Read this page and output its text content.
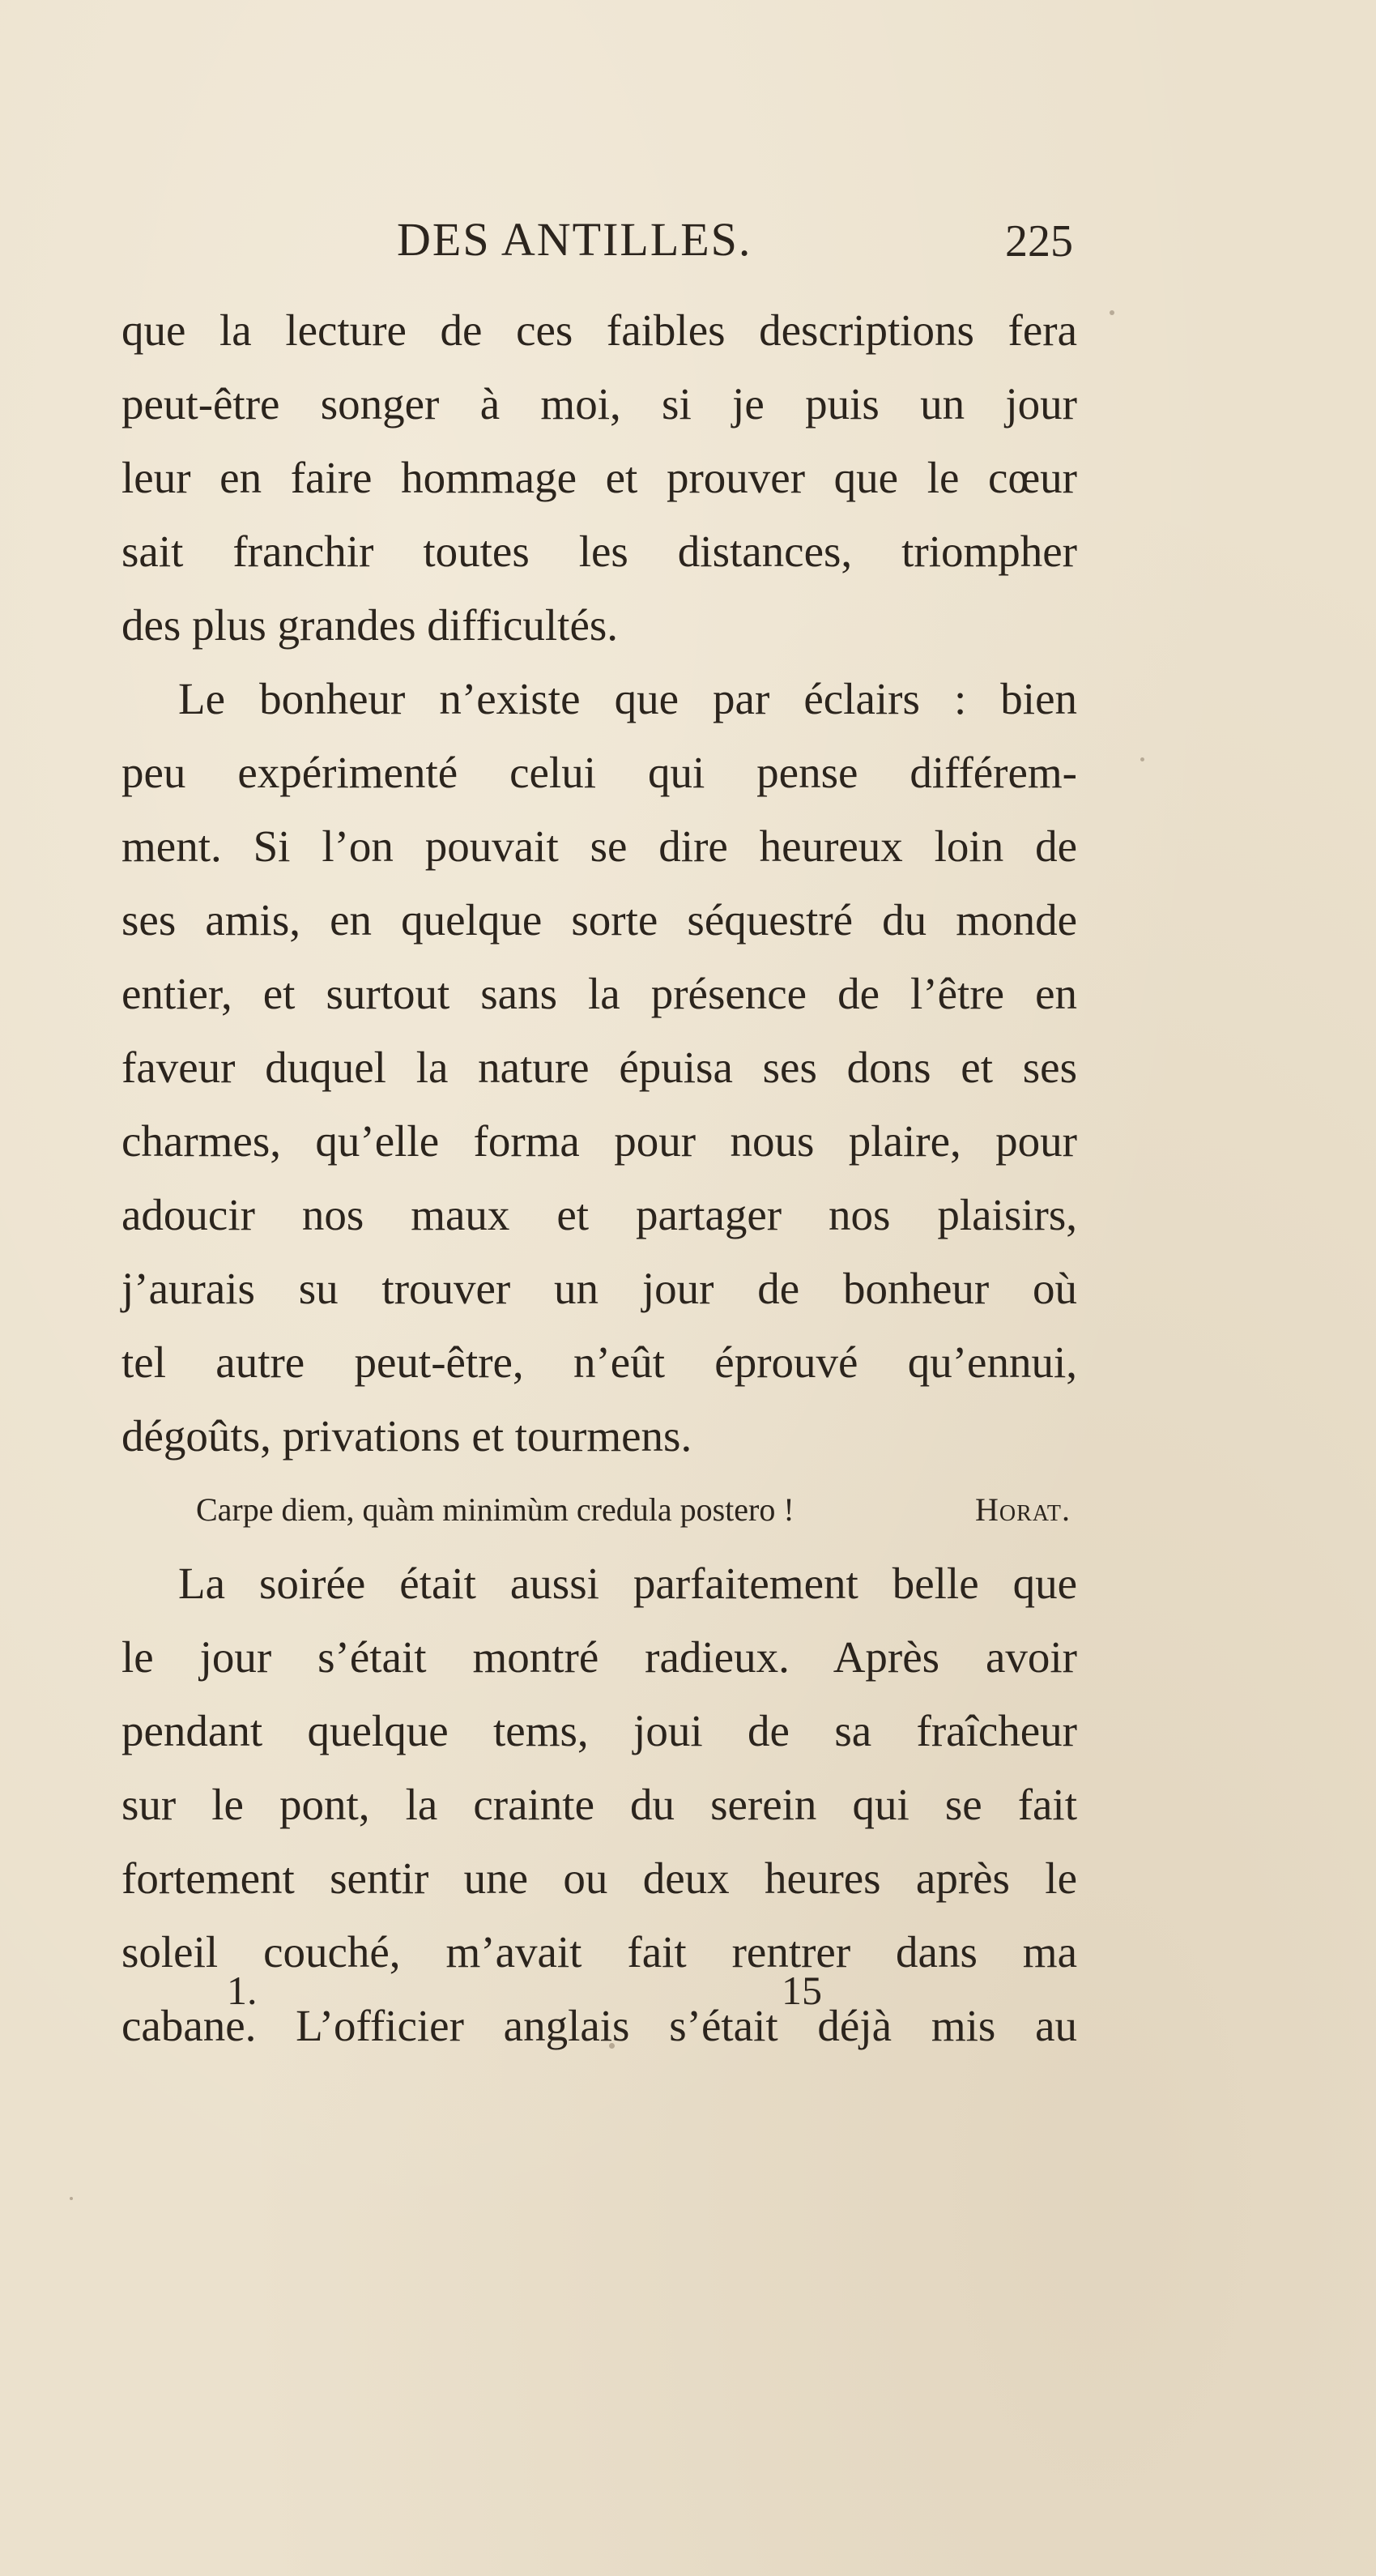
DES ANTILLES.	225
que la lecture de ces faibles descriptions fera
peut-être songer à moi, si je puis un jour
leur en faire hommage et prouver que le cœur
sait franchir toutes les distances, triompher
des plus grandes difficultés.
Le bonheur n’existe que par éclairs : bien
peu expérimenté celui qui pense différem-
ment. Si l’on pouvait se dire heureux loin de
ses amis, en quelque sorte séquestré du monde
entier, et surtout sans la présence de l’être en
faveur duquel la nature épuisa ses dons et ses
charmes, qu’elle forma pour nous plaire, pour
adoucir nos maux et partager nos plaisirs,
j’aurais su trouver un jour de bonheur où
tel autre peut-être, n’eût éprouvé qu’ennui,
dégoûts, privations et tourmens.
Carpe diem, quàm minimùm credula postero !	Horat.
La soirée était aussi parfaitement belle que
le jour s’était montré radieux. Après avoir
pendant quelque tems, joui de sa fraîcheur
sur le pont, la crainte du serein qui se fait
fortement sentir une ou deux heures après le
soleil couché, m’avait fait rentrer dans ma
cabane. L’officier anglais s’était déjà mis au
1.	15
